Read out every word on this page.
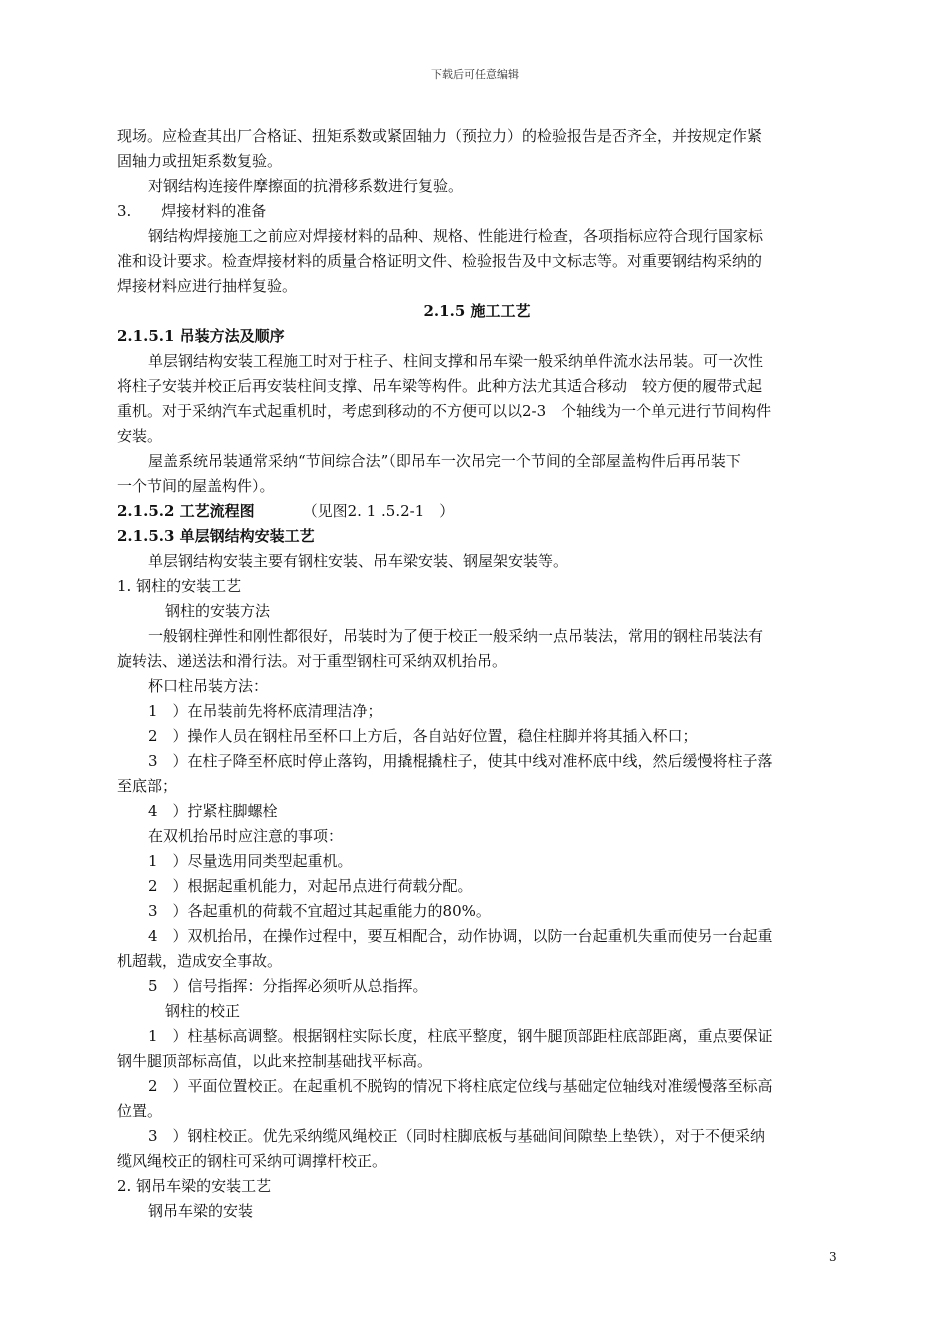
下载后可任意编辑
现场。应检查其出厂合格证、扭矩系数或紧固轴力（预拉力）的检验报告是否齐全，并按规定作紧
固轴力或扭矩系数复验。
对钢结构连接件摩擦面的抗滑移系数进行复验。
3.　　焊接材料的准备
钢结构焊接施工之前应对焊接材料的品种、规格、性能进行检查，各项指标应符合现行国家标
准和设计要求。检查焊接材料的质量合格证明文件、检验报告及中文标志等。对重要钢结构采纳的
焊接材料应进行抽样复验。
2.1.5 施工工艺
2.1.5.1 吊装方法及顺序
单层钢结构安装工程施工时对于柱子、柱间支撑和吊车梁一般采纳单件流水法吊装。可一次性
将柱子安装并校正后再安装柱间支撑、吊车梁等构件。此种方法尤其适合移动　较方便的履带式起
重机。对于采纳汽车式起重机时，考虑到移动的不方便可以以2-3　个轴线为一个单元进行节间构件
安装。
屋盖系统吊装通常采纳“节间综合法”（即吊车一次吊完一个节间的全部屋盖构件后再吊装下
一个节间的屋盖构件）。
2.1.5.2 工艺流程图	（见图2. 1 .5.2-1　）
2.1.5.3 单层钢结构安装工艺
单层钢结构安装主要有钢柱安装、吊车梁安装、钢屋架安装等。
1. 钢柱的安装工艺
钢柱的安装方法
一般钢柱弹性和刚性都很好，吊装时为了便于校正一般采纳一点吊装法，常用的钢柱吊装法有
旋转法、递送法和滑行法。对于重型钢柱可采纳双机抬吊。
杯口柱吊装方法：
1　）在吊装前先将杯底清理洁净；
2　）操作人员在钢柱吊至杯口上方后，各自站好位置，稳住柱脚并将其插入杯口；
3　）在柱子降至杯底时停止落钩，用撬棍撬柱子，使其中线对准杯底中线，然后缓慢将柱子落
至底部；
4　）拧紧柱脚螺栓
在双机抬吊时应注意的事项：
1　）尽量选用同类型起重机。
2　）根据起重机能力，对起吊点进行荷载分配。
3　）各起重机的荷载不宜超过其起重能力的80%。
4　）双机抬吊，在操作过程中，要互相配合，动作协调，以防一台起重机失重而使另一台起重
机超载，造成安全事故。
5　）信号指挥：分指挥必须听从总指挥。
钢柱的校正
1　）柱基标高调整。根据钢柱实际长度，柱底平整度，钢牛腿顶部距柱底部距离，重点要保证
钢牛腿顶部标高值，以此来控制基础找平标高。
2　）平面位置校正。在起重机不脱钩的情况下将柱底定位线与基础定位轴线对准缓慢落至标高
位置。
3　）钢柱校正。优先采纳缆风绳校正（同时柱脚底板与基础间间隙垫上垫铁），对于不便采纳
缆风绳校正的钢柱可采纳可调撑杆校正。
2. 钢吊车梁的安装工艺
钢吊车梁的安装
3
